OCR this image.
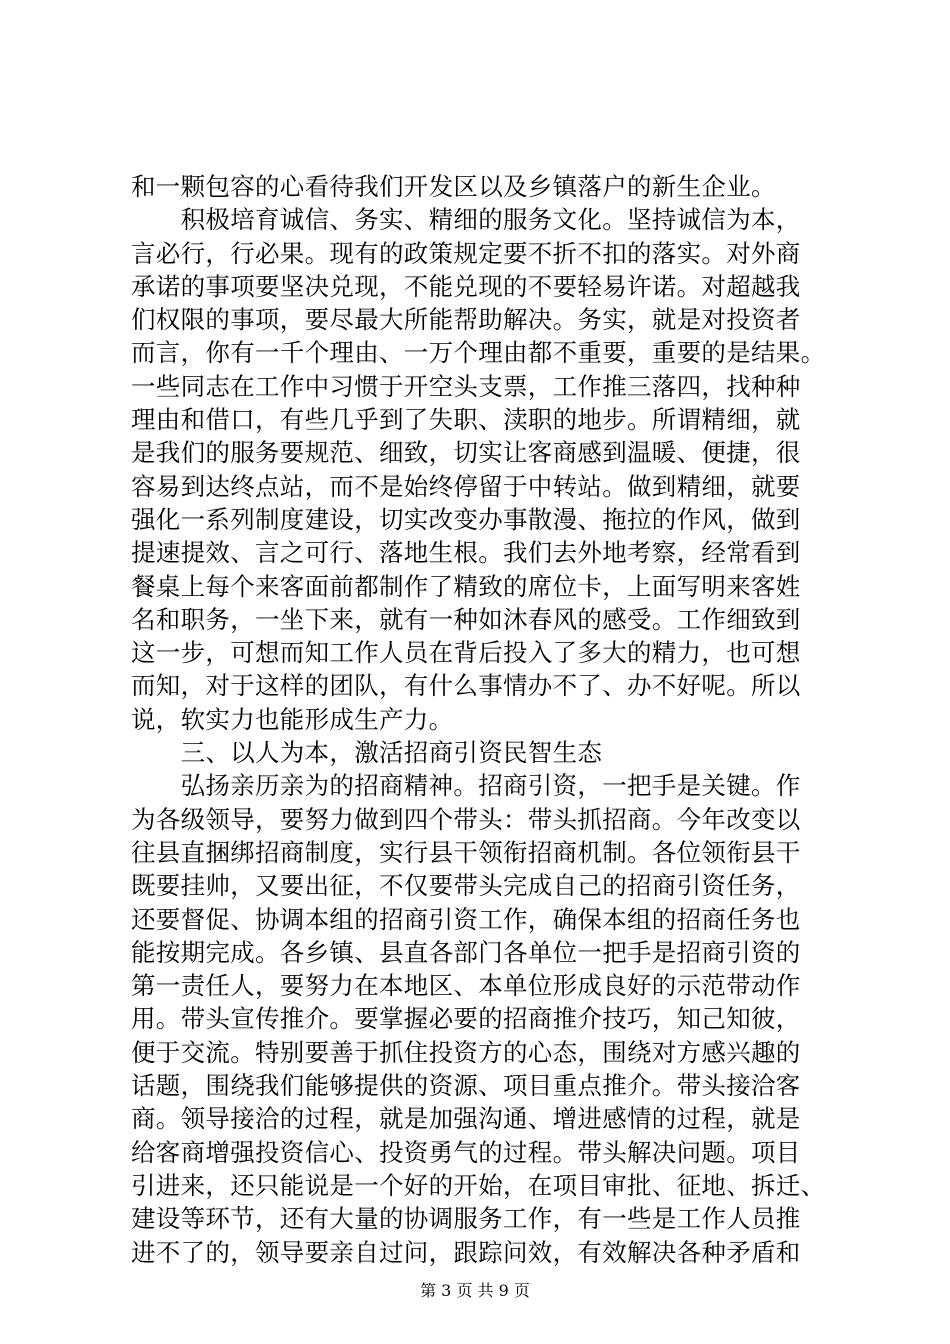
和一颗包容的心看待我们开发区以及乡镇落户的新生企业。
　　积极培育诚信、务实、精细的服务文化。坚持诚信为本，
言必行，行必果。现有的政策规定要不折不扣的落实。对外商
承诺的事项要坚决兑现，不能兑现的不要轻易许诺。对超越我
们权限的事项，要尽最大所能帮助解决。务实，就是对投资者
而言，你有一千个理由、一万个理由都不重要，重要的是结果。
一些同志在工作中习惯于开空头支票，工作推三落四，找种种
理由和借口，有些几乎到了失职、渎职的地步。所谓精细，就
是我们的服务要规范、细致，切实让客商感到温暖、便捷，很
容易到达终点站，而不是始终停留于中转站。做到精细，就要
强化一系列制度建设，切实改变办事散漫、拖拉的作风，做到
提速提效、言之可行、落地生根。我们去外地考察，经常看到
餐桌上每个来客面前都制作了精致的席位卡，上面写明来客姓
名和职务，一坐下来，就有一种如沐春风的感受。工作细致到
这一步，可想而知工作人员在背后投入了多大的精力，也可想
而知，对于这样的团队，有什么事情办不了、办不好呢。所以
说，软实力也能形成生产力。
　　三、以人为本，激活招商引资民智生态
　　弘扬亲历亲为的招商精神。招商引资，一把手是关键。作
为各级领导，要努力做到四个带头：带头抓招商。今年改变以
往县直捆绑招商制度，实行县干领衔招商机制。各位领衔县干
既要挂帅，又要出征，不仅要带头完成自己的招商引资任务，
还要督促、协调本组的招商引资工作，确保本组的招商任务也
能按期完成。各乡镇、县直各部门各单位一把手是招商引资的
第一责任人，要努力在本地区、本单位形成良好的示范带动作
用。带头宣传推介。要掌握必要的招商推介技巧，知己知彼，
便于交流。特别要善于抓住投资方的心态，围绕对方感兴趣的
话题，围绕我们能够提供的资源、项目重点推介。带头接洽客
商。领导接洽的过程，就是加强沟通、增进感情的过程，就是
给客商增强投资信心、投资勇气的过程。带头解决问题。项目
引进来，还只能说是一个好的开始，在项目审批、征地、拆迁、
建设等环节，还有大量的协调服务工作，有一些是工作人员推
进不了的，领导要亲自过问，跟踪问效，有效解决各种矛盾和
第 3 页 共 9 页
